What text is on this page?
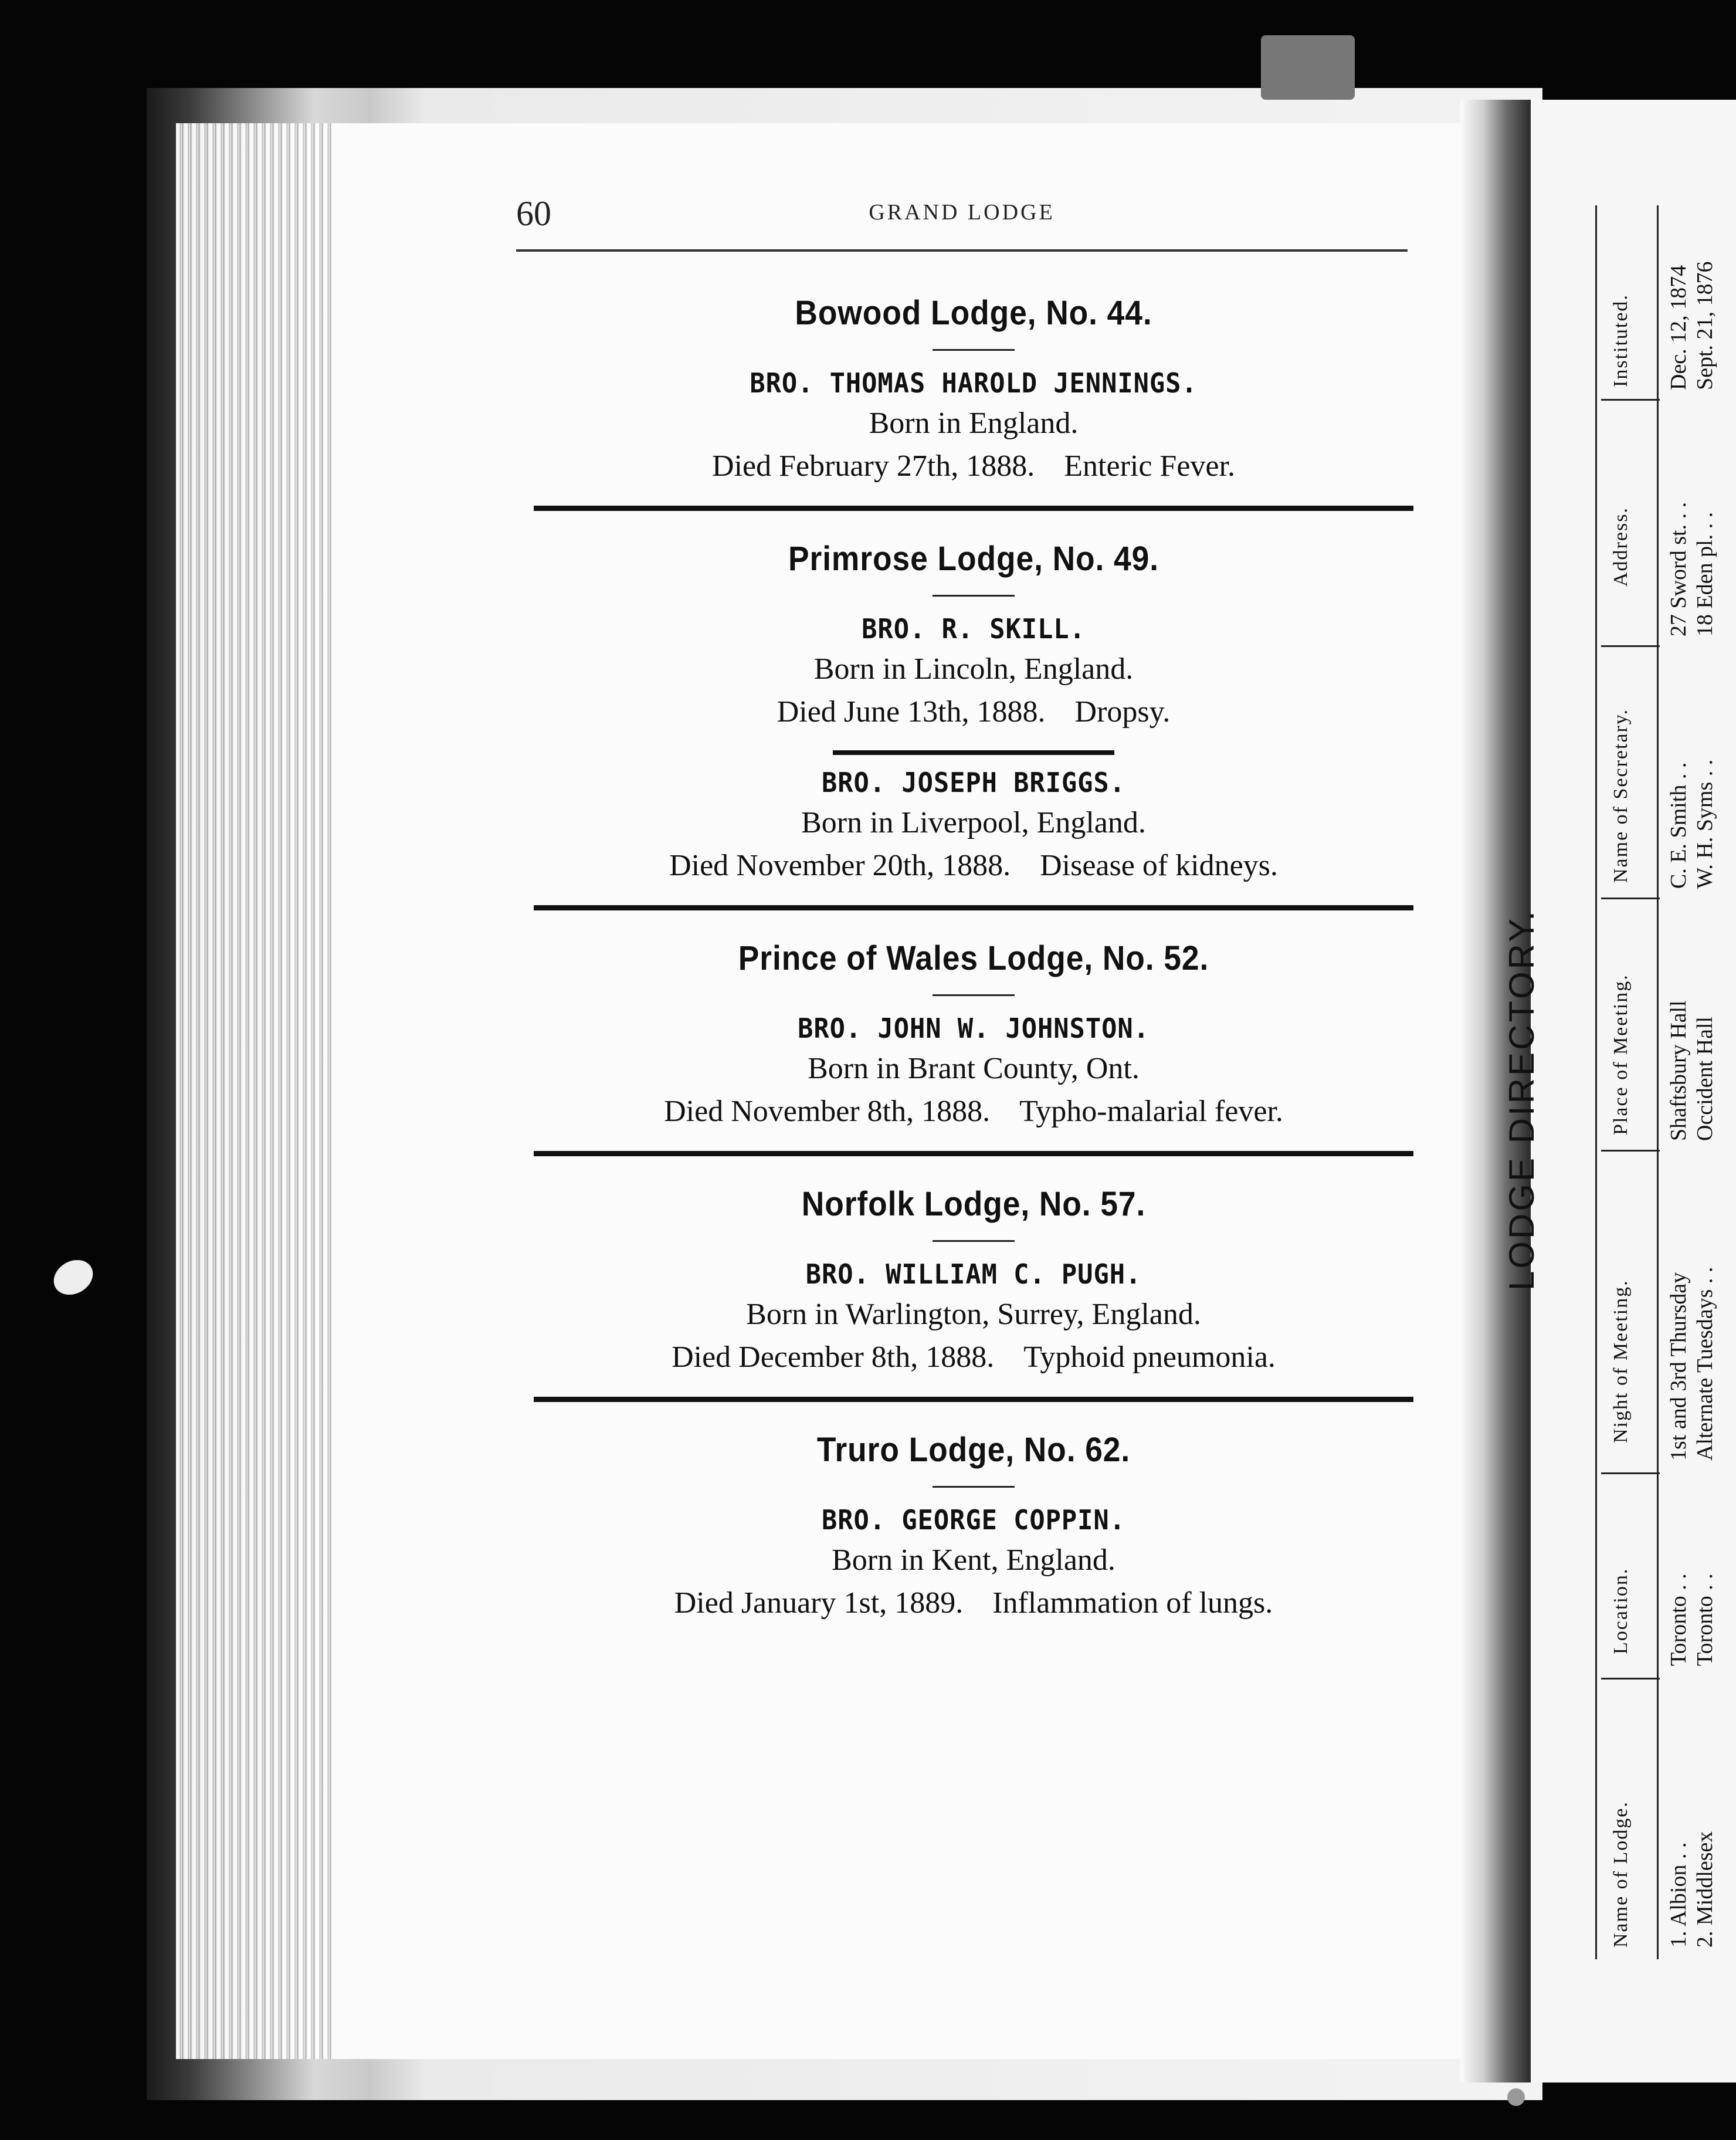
60	GRAND LODGE
Bowood Lodge, No. 44.
BRO. THOMAS HAROLD JENNINGS.
Born in England.
Died February 27th, 1888. Enteric Fever.
Primrose Lodge, No. 49.
BRO. R. SKILL.
Born in Lincoln, England.
Died June 13th, 1888. Dropsy.
BRO. JOSEPH BRIGGS.
Born in Liverpool, England.
Died November 20th, 1888. Disease of kidneys.
Prince of Wales Lodge, No. 52.
BRO. JOHN W. JOHNSTON.
Born in Brant County, Ont.
Died November 8th, 1888. Typho-malarial fever.
Norfolk Lodge, No. 57.
BRO. WILLIAM C. PUGH.
Born in Warlington, Surrey, England.
Died December 8th, 1888. Typhoid pneumonia.
Truro Lodge, No. 62.
BRO. GEORGE COPPIN.
Born in Kent, England.
Died January 1st, 1889. Inflammation of lungs.
LODGE DIRECTORY.
Name of Lodge.
Location.
Night of Meeting.
Place of Meeting.
Name of Secretary.
Address.
Instituted.
1. Albion . .
Toronto . .
1st and 3rd Thursday
Shaftsbury Hall
C. E. Smith . .
27 Sword st. . .
Dec. 12, 1874
2. Middlesex
Toronto . .
Alternate Tuesdays . .
Occident Hall
W. H. Syms . .
18 Eden pl. . .
Sept. 21, 1876
